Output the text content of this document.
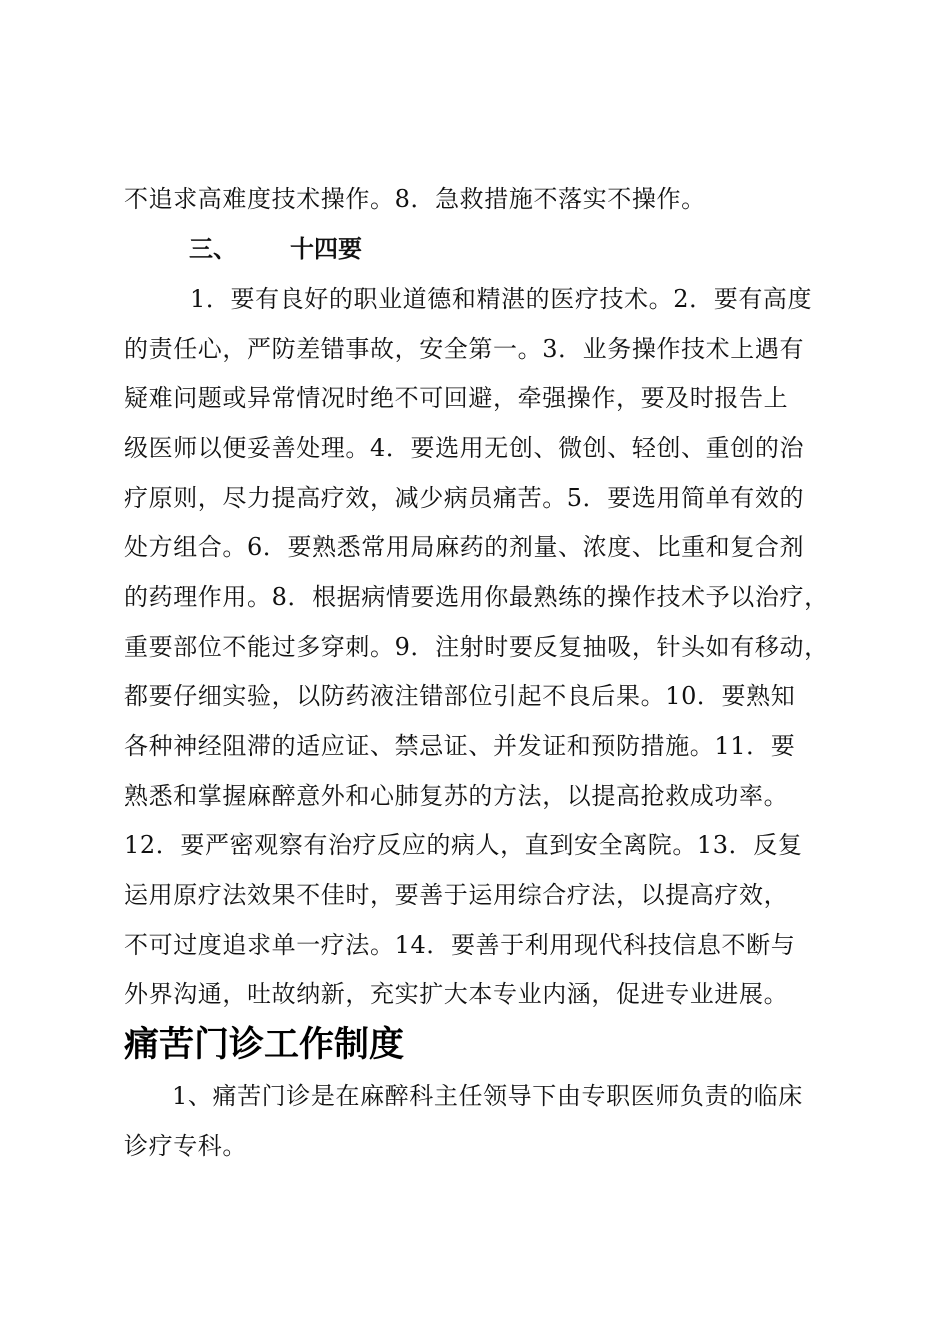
不追求高难度技术操作。8．急救措施不落实不操作。
三、 十四要
1．要有良好的职业道德和精湛的医疗技术。2．要有高度
的责任心，严防差错事故，安全第一。3．业务操作技术上遇有
疑难问题或异常情况时绝不可回避，牵强操作，要及时报告上
级医师以便妥善处理。4．要选用无创、微创、轻创、重创的治
疗原则，尽力提高疗效，减少病员痛苦。5．要选用简单有效的
处方组合。6．要熟悉常用局麻药的剂量、浓度、比重和复合剂
的药理作用。8．根据病情要选用你最熟练的操作技术予以治疗，
重要部位不能过多穿刺。9．注射时要反复抽吸，针头如有移动，
都要仔细实验，以防药液注错部位引起不良后果。10．要熟知
各种神经阻滞的适应证、禁忌证、并发证和预防措施。11．要
熟悉和掌握麻醉意外和心肺复苏的方法，以提高抢救成功率。
12．要严密观察有治疗反应的病人，直到安全离院。13．反复
运用原疗法效果不佳时，要善于运用综合疗法，以提高疗效，
不可过度追求单一疗法。14．要善于利用现代科技信息不断与
外界沟通，吐故纳新，充实扩大本专业内涵，促进专业进展。
痛苦门诊工作制度
1、痛苦门诊是在麻醉科主任领导下由专职医师负责的临床
诊疗专科。
